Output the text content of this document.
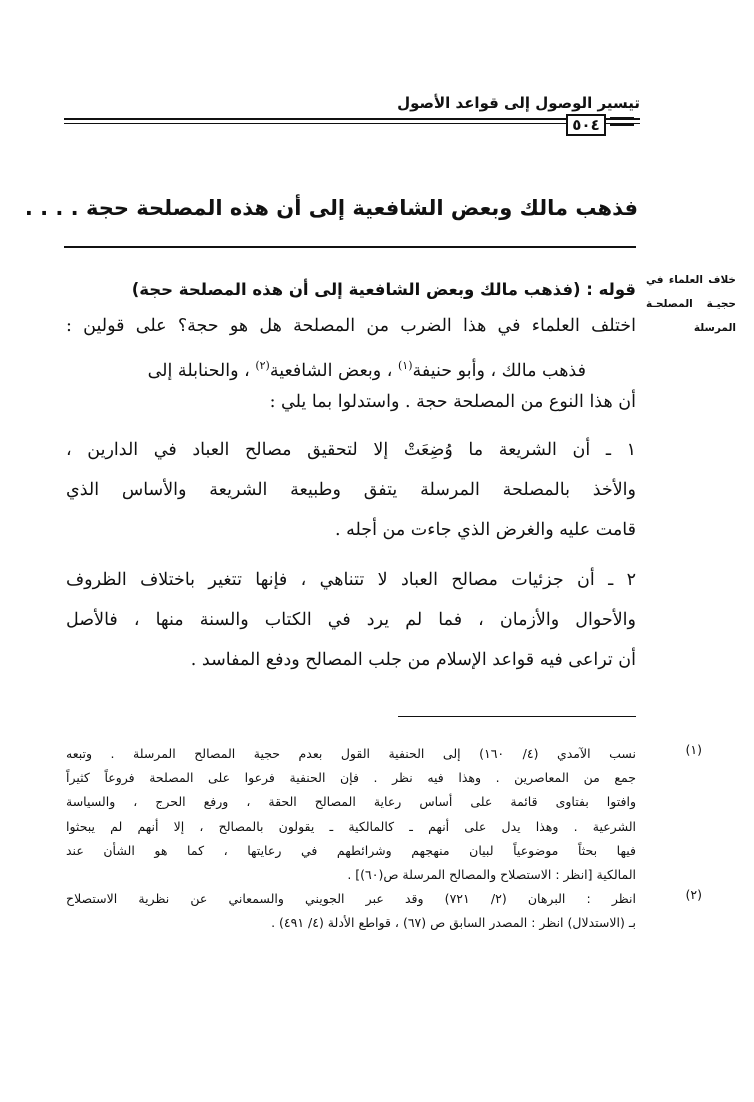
تيسير الوصول إلى قواعد الأصول
٥٠٤
فذهب مالك وبعض الشافعية إلى أن هذه المصلحة حجة . . . .
خلاف العلماء في
حجيـة المصلحـة
المرسلة
قوله : (فذهب مالك وبعض الشافعية إلى أن هذه المصلحة حجة)
اختلف العلماء في هذا الضرب من المصلحة هل هو حجة؟ على قولين :
فذهب مالك ، وأبو حنيفة$^{(١)}$ ، وبعض الشافعية$^{(٢)}$ ، والحنابلة إلى
أن هذا النوع من المصلحة حجة . واستدلوا بما يلي :
١ ـ أن الشريعة ما وُضِعَتْ إلا لتحقيق مصالح العباد في الدارين ،
والأخذ بالمصلحة المرسلة يتفق وطبيعة الشريعة والأساس الذي
قامت عليه والغرض الذي جاءت من أجله .
٢ ـ أن جزئيات مصالح العباد لا تتناهي ، فإنها تتغير باختلاف الظروف
والأحوال والأزمان ، فما لم يرد في الكتاب والسنة منها ، فالأصل
أن تراعى فيه قواعد الإسلام من جلب المصالح ودفع المفاسد .
(١)
نسب الآمدي (٤/ ١٦٠) إلى الحنفية القول بعدم حجية المصالح المرسلة . وتبعه
جمع من المعاصرين . وهذا فيه نظر . فإن الحنفية فرعوا على المصلحة فروعاً كثيراً
وافتوا بفتاوى قائمة على أساس رعاية المصالح الحقة ، ورفع الحرج ، والسياسة
الشرعية . وهذا يدل على أنهم ـ كالمالكية ـ يقولون بالمصالح ، إلا أنهم لم يبحثوا
فيها بحثاً موضوعياً لبيان منهجهم وشرائطهم في رعايتها ، كما هو الشأن عند
المالكية [انظر : الاستصلاح والمصالح المرسلة ص(٦٠)] .
(٢)
انظر : البرهان (٢/ ٧٢١) وقد عبر الجويني والسمعاني عن نظرية الاستصلاح
بـ (الاستدلال) انظر : المصدر السابق ص (٦٧) ، قواطع الأدلة (٤/ ٤٩١) .
